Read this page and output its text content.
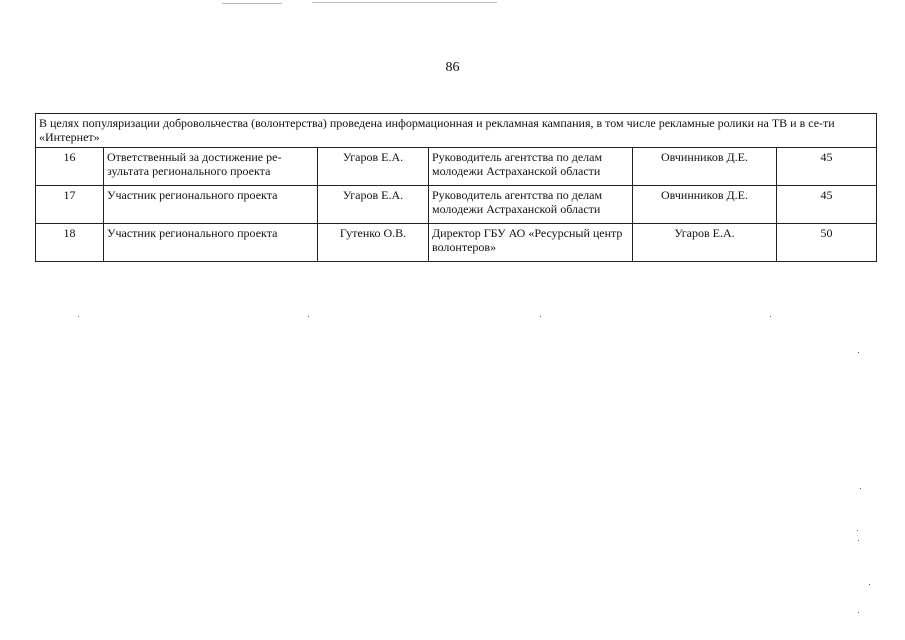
86
В целях популяризации добровольчества (волонтерства) проведена информационная и рекламная кампания, в том числе рекламные ролики на ТВ и в се-ти «Интернет»					
16	Ответственный за достижение ре-зультата регионального проекта	Угаров Е.А.	Руководитель агентства по делам молодежи Астраханской области	Овчинников Д.Е.	45
17	Участник регионального проекта	Угаров Е.А.	Руководитель агентства по делам молодежи Астраханской области	Овчинников Д.Е.	45
18	Участник регионального проекта	Гутенко О.В.	Директор ГБУ АО «Ресурсный центр волонтеров»	Угаров Е.А.	50
